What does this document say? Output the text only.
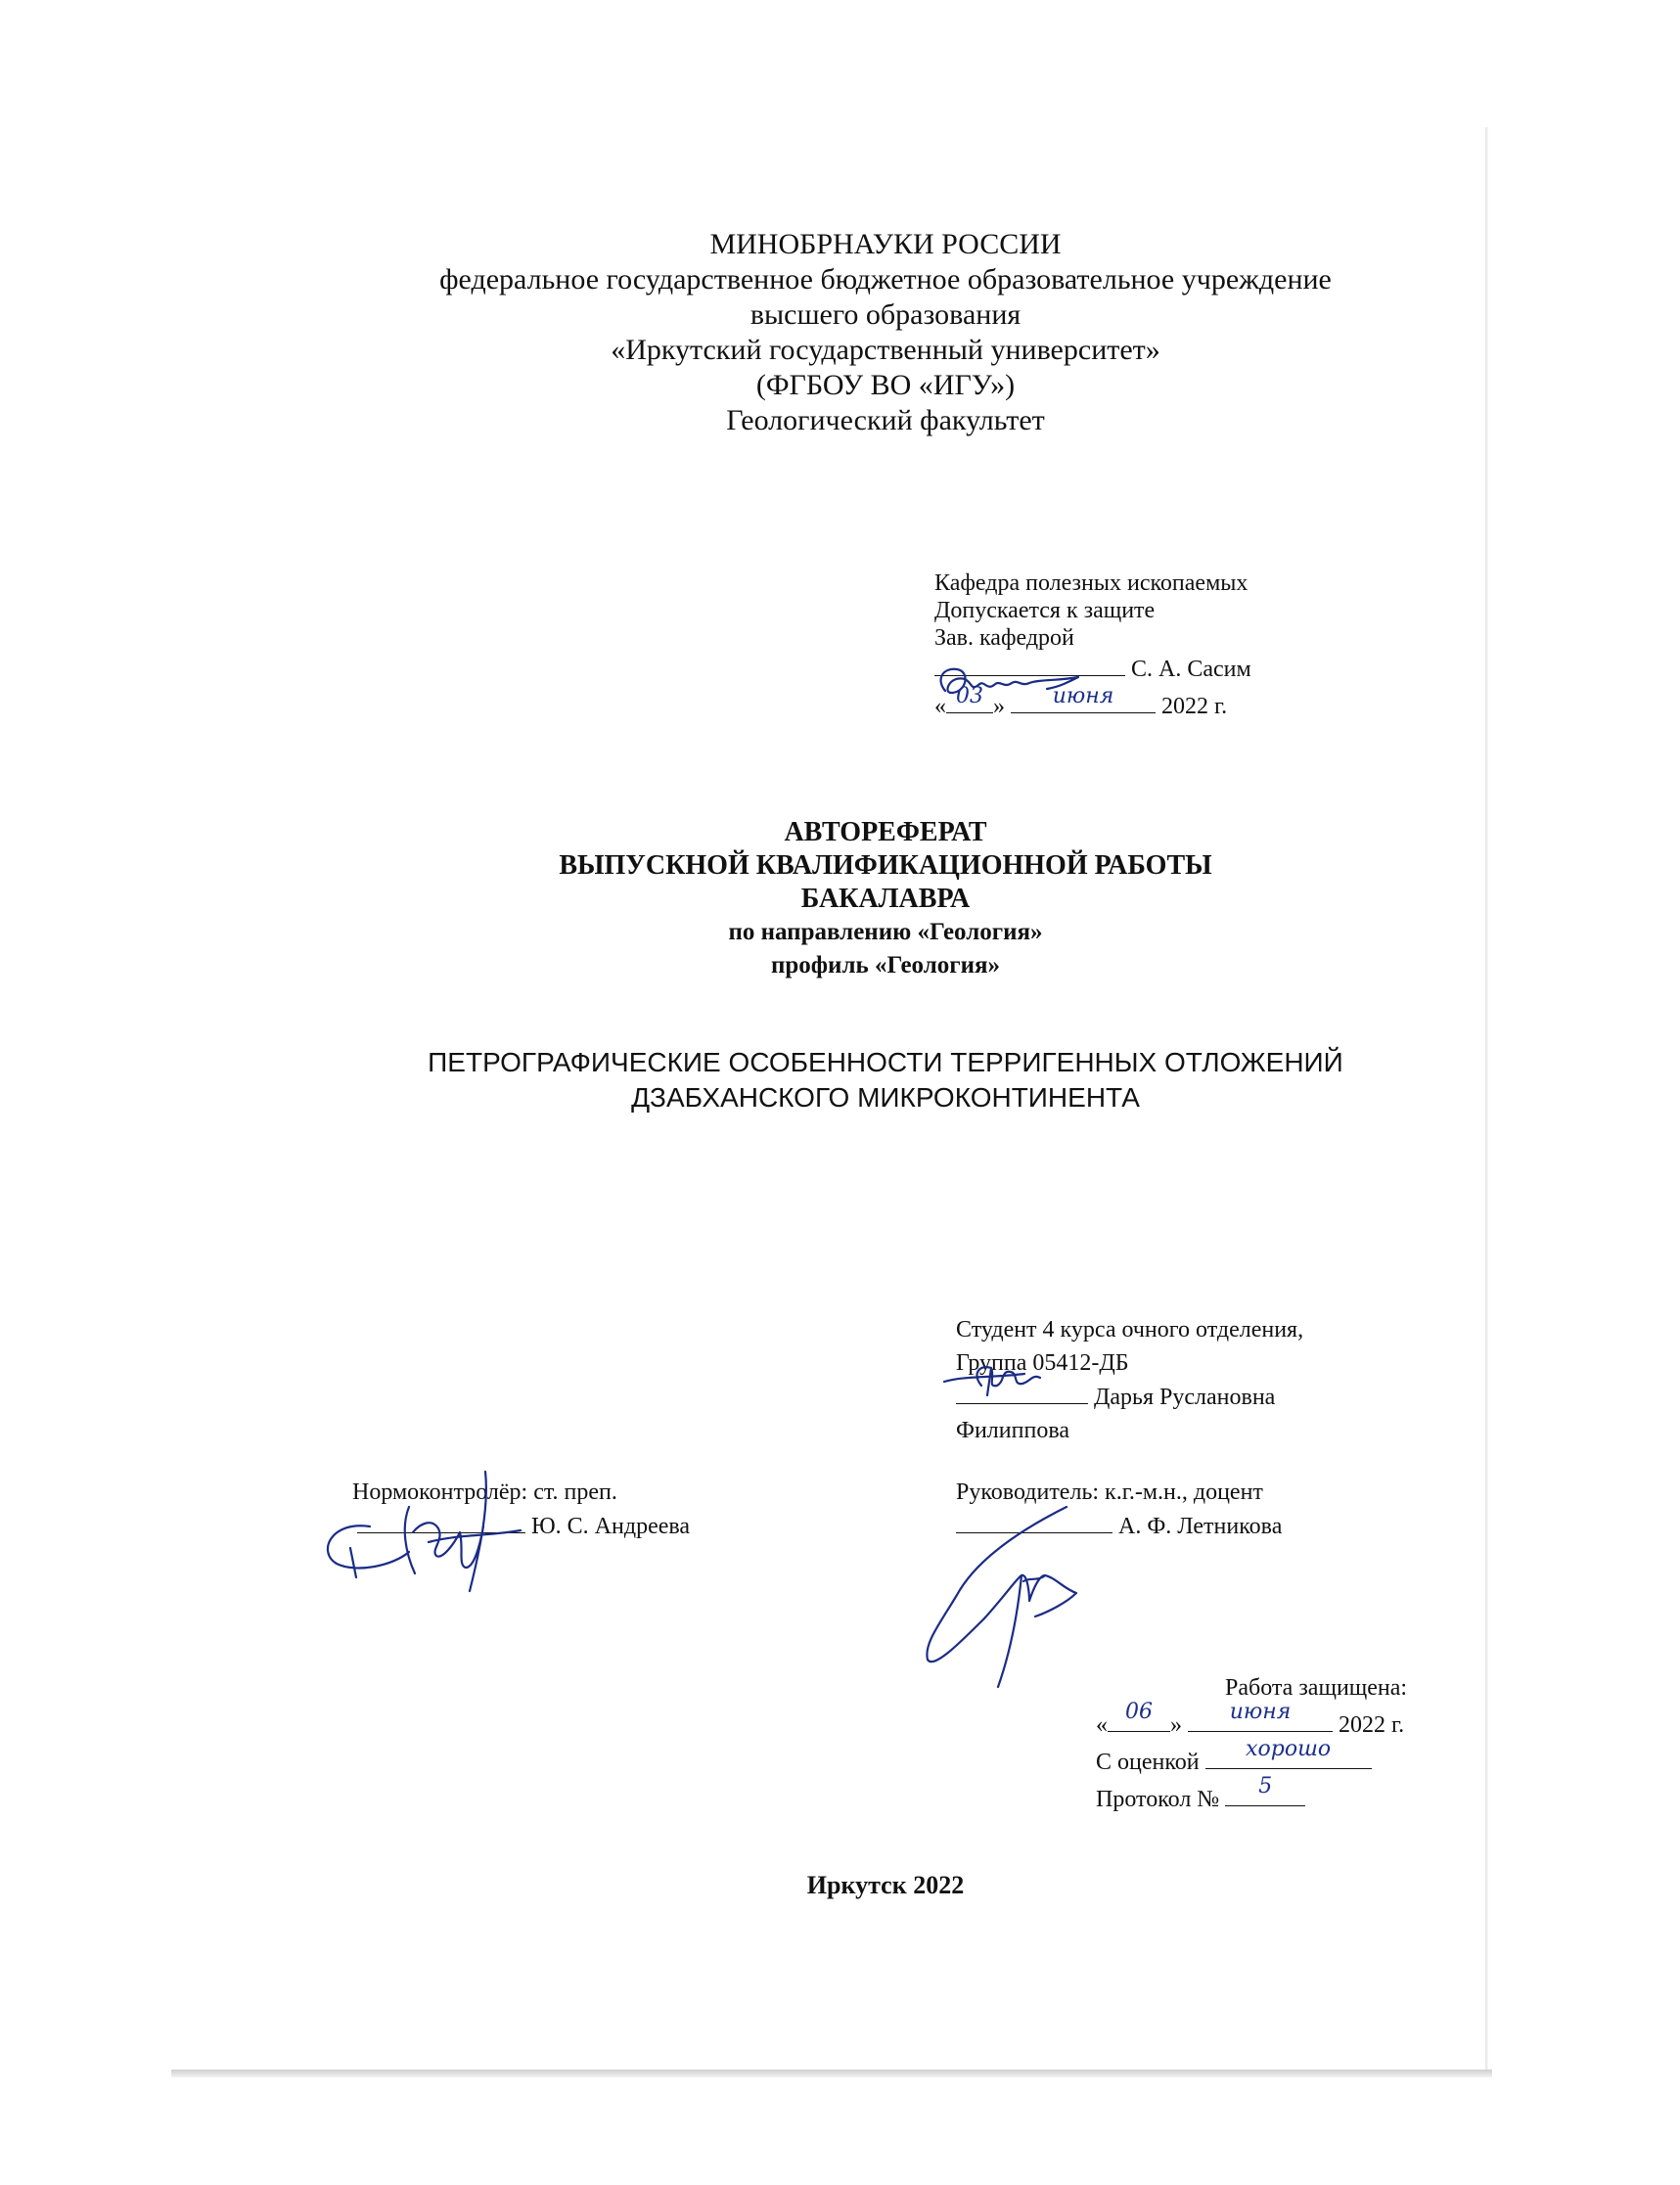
МИНОБРНАУКИ РОССИИ
федеральное государственное бюджетное образовательное учреждение
высшего образования
«Иркутский государственный университет»
(ФГБОУ ВО «ИГУ»)
Геологический факультет
Кафедра полезных ископаемых
Допускается к защите
Зав. кафедрой
С. А. Сасим
« 03 »	июня	2022 г.
АВТОРЕФЕРАТ
ВЫПУСКНОЙ КВАЛИФИКАЦИОННОЙ РАБОТЫ
БАКАЛАВРА
по направлению «Геология»
профиль «Геология»
ПЕТРОГРАФИЧЕСКИЕ ОСОБЕННОСТИ ТЕРРИГЕННЫХ ОТЛОЖЕНИЙ
ДЗАБХАНСКОГО МИКРОКОНТИНЕНТА
Студент 4 курса очного отделения,
Группа 05412-ДБ
Дарья Руслановна
Филиппова
Нормоконтролёр: ст. преп.
Ю. С. Андреева
Руководитель: к.г.-м.н., доцент
А. Ф. Летникова
Работа защищена:
«
06
»
июня
2022 г.
С оценкой
хорошо
Протокол №
5
Иркутск 2022
